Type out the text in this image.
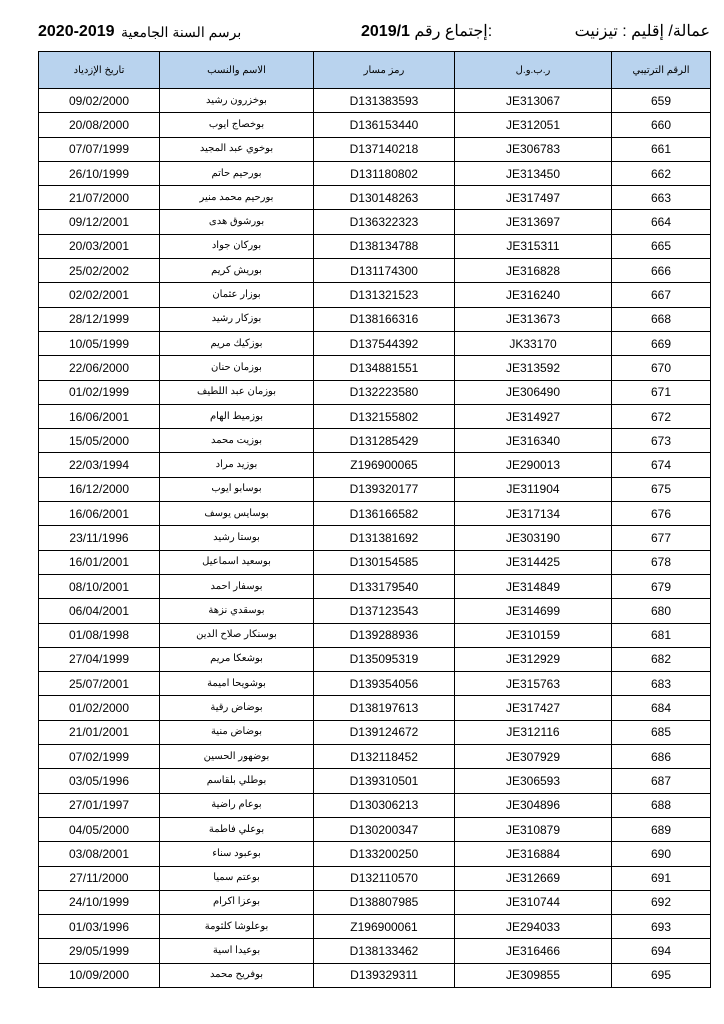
2020-2019 برسم السنة الجامعية	2019/1 إجتماع رقم:	عمالة/ إقليم : تيزنيت
تاريخ الإزدياد	الاسم والنسب	رمز مسار	ر.ب.و.ل	الرقم الترتيبي
09/02/2000	بوخزرون رشيد	D131383593	JE313067	659
20/08/2000	بوخصاج ايوب	D136153440	JE312051	660
07/07/1999	بوخوي عبد المجيد	D137140218	JE306783	661
26/10/1999	بورحيم حاتم	D131180802	JE313450	662
21/07/2000	بورحيم محمد منير	D130148263	JE317497	663
09/12/2001	بورشوق هدى	D136322323	JE313697	664
20/03/2001	بوركان جواد	D138134788	JE315311	665
25/02/2002	بوريش كريم	D131174300	JE316828	666
02/02/2001	بوزار عثمان	D131321523	JE316240	667
28/12/1999	بوزكار رشيد	D138166316	JE313673	668
10/05/1999	بوزكيك مريم	D137544392	JK33170	669
22/06/2000	بوزمان حنان	D134881551	JE313592	670
01/02/1999	بوزمان عبد اللطيف	D132223580	JE306490	671
16/06/2001	بوزميط الهام	D132155802	JE314927	672
15/05/2000	بوزيت محمد	D131285429	JE316340	673
22/03/1994	بوزيد مراد	Z196900065	JE290013	674
16/12/2000	بوسابو ايوب	D139320177	JE311904	675
16/06/2001	بوسايس يوسف	D136166582	JE317134	676
23/11/1996	بوستا رشيد	D131381692	JE303190	677
16/01/2001	بوسعيد اسماعيل	D130154585	JE314425	678
08/10/2001	بوسفار احمد	D133179540	JE314849	679
06/04/2001	بوسقدي نزهة	D137123543	JE314699	680
01/08/1998	بوسنكار صلاح الدين	D139288936	JE310159	681
27/04/1999	بوشعكا مريم	D135095319	JE312929	682
25/07/2001	بوشويحا اميمة	D139354056	JE315763	683
01/02/2000	بوضاض رقية	D138197613	JE317427	684
21/01/2001	بوضاض منية	D139124672	JE312116	685
07/02/1999	بوضهور الحسين	D132118452	JE307929	686
03/05/1996	بوطلي بلقاسم	D139310501	JE306593	687
27/01/1997	بوعام راضية	D130306213	JE304896	688
04/05/2000	بوعلي فاطمة	D130200347	JE310879	689
03/08/2001	بوعبود سناء	D133200250	JE316884	690
27/11/2000	بوعتم سميا	D132110570	JE312669	691
24/10/1999	بوعزا اكرام	D138807985	JE310744	692
01/03/1996	بوعلوشا كلثومة	Z196900061	JE294033	693
29/05/1999	بوعيدا اسية	D138133462	JE316466	694
10/09/2000	بوفريح محمد	D139329311	JE309855	695
